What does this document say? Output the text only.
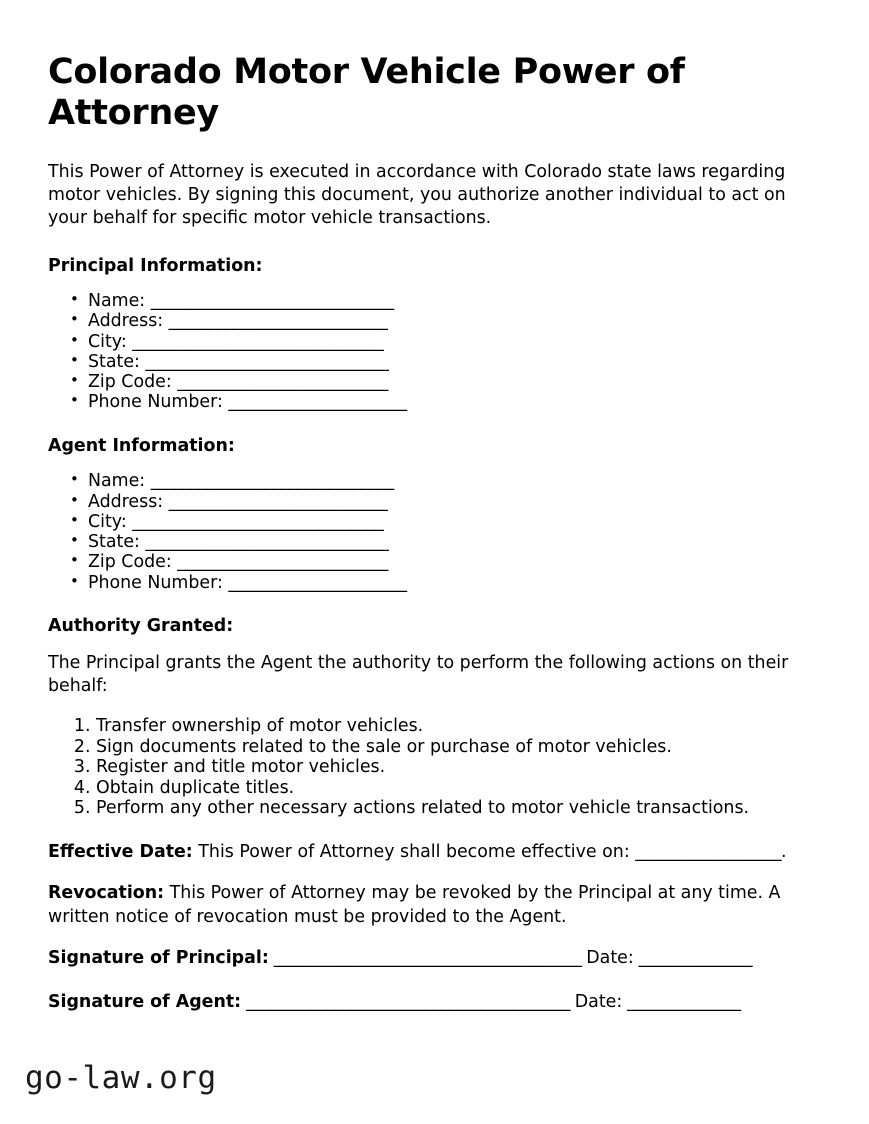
Colorado Motor Vehicle Power of Attorney

This Power of Attorney is executed in accordance with Colorado state laws regarding motor vehicles. By signing this document, you authorize another individual to act on your behalf for specific motor vehicle transactions.

Principal Information:
• Name: ______________________________
• Address: ___________________________
• City: _______________________________
• State: ______________________________
• Zip Code: __________________________
• Phone Number: ______________________
Agent Information:
• Name: ______________________________
• Address: ___________________________
• City: _______________________________
• State: ______________________________
• Zip Code: __________________________
• Phone Number: ______________________
Authority Granted:

The Principal grants the Agent the authority to perform the following actions on their behalf:

1. Transfer ownership of motor vehicles.
2. Sign documents related to the sale or purchase of motor vehicles.
3. Register and title motor vehicles.
4. Obtain duplicate titles.
5. Perform any other necessary actions related to motor vehicle transactions.

Effective Date: This Power of Attorney shall become effective on: __________________.

Revocation: This Power of Attorney may be revoked by the Principal at any time. A written notice of revocation must be provided to the Agent.

Signature of Principal: ______________________________________ Date: ______________

Signature of Agent: ________________________________________ Date: ______________

go-law.org
